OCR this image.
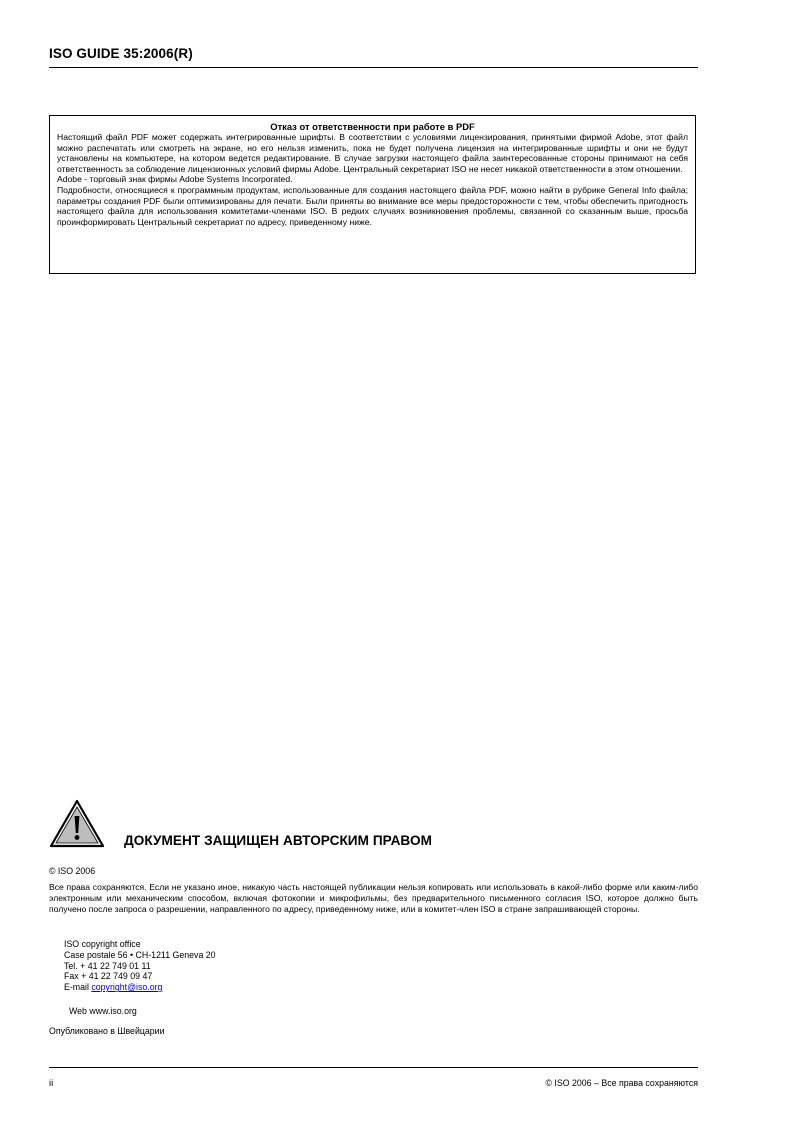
ISO GUIDE 35:2006(R)
Отказ от ответственности при работе в PDF

Настоящий файл PDF может содержать интегрированные шрифты. В соответствии с условиями лицензирования, принятыми фирмой Adobe, этот файл можно распечатать или смотреть на экране, но его нельзя изменить, пока не будет получена лицензия на интегрированные шрифты и они не будут установлены на компьютере, на котором ведется редактирование. В случае загрузки настоящего файла заинтересованные стороны принимают на себя ответственность за соблюдение лицензионных условий фирмы Adobe. Центральный секретариат ISO не несет никакой ответственности в этом отношении.

Adobe - торговый знак фирмы Adobe Systems Incorporated.

Подробности, относящиеся к программным продуктам, использованные для создания настоящего файла PDF, можно найти в рубрике General Info файла; параметры создания PDF были оптимизированы для печати. Были приняты во внимание все меры предосторожности с тем, чтобы обеспечить пригодность настоящего файла для использования комитетами-членами ISO. В редких случаях возникновения проблемы, связанной со сказанным выше, просьба проинформировать Центральный секретариат по адресу, приведенному ниже.

ДОКУМЕНТ ЗАЩИЩЕН АВТОРСКИМ ПРАВОМ
© ISO 2006

Все права сохраняются. Если не указано иное, никакую часть настоящей публикации нельзя копировать или использовать в какой-либо форме или каким-либо электронным или механическим способом, включая фотокопии и микрофильмы, без предварительного письменного согласия ISO, которое должно быть получено после запроса о разрешении, направленного по адресу, приведенному ниже, или в комитет-член ISO в стране запрашивающей стороны.

ISO copyright office
Case postale 56 • CH-1211 Geneva 20
Tel. + 41 22 749 01 11
Fax + 41 22 749 09 47
E-mail copyright@iso.org
Web www.iso.org
Опубликовано в Швейцарии
ii	© ISO 2006 – Все права сохраняются
